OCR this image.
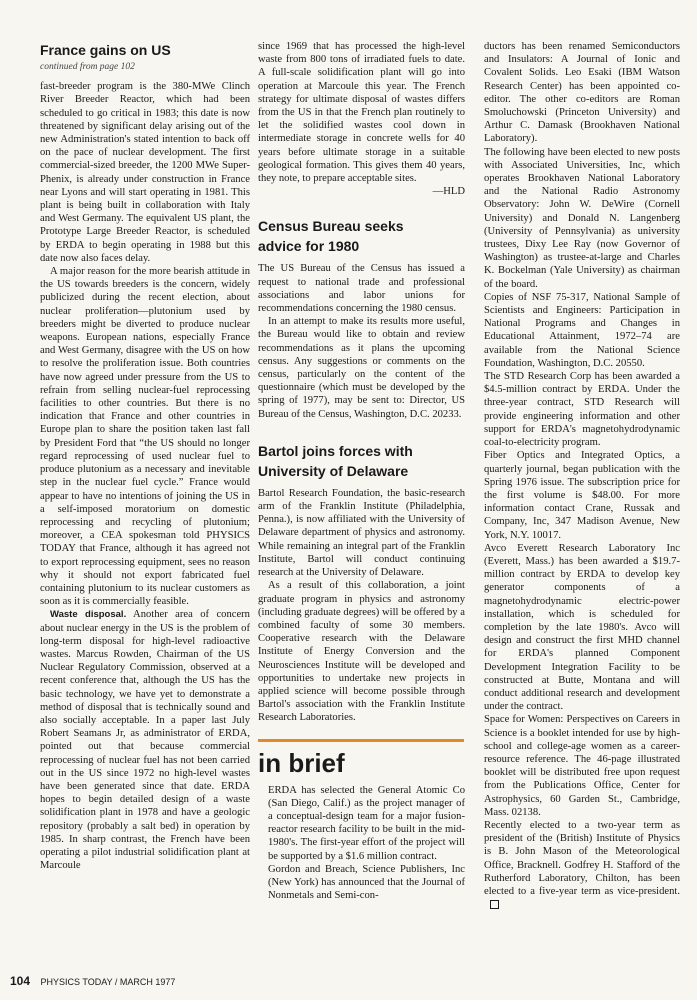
France gains on US
continued from page 102

fast-breeder program is the 380-MWe Clinch River Breeder Reactor, which had been scheduled to go critical in 1983; this date is now threatened by significant delay arising out of the new Administration's stated intention to back off on the pace of nuclear development. The first commercial-sized breeder, the 1200 MWe Super-Phenix, is already under construction in France near Lyons and will start operating in 1981. This plant is being built in collaboration with Italy and West Germany. The equivalent US plant, the Prototype Large Breeder Reactor, is scheduled by ERDA to begin operating in 1988 but this date now also faces delay.

A major reason for the more bearish attitude in the US towards breeders is the concern, widely publicized during the recent election, about nuclear proliferation—plutonium used by breeders might be diverted to produce nuclear weapons. European nations, especially France and West Germany, disagree with the US on how to resolve the proliferation issue. Both countries have now agreed under pressure from the US to refrain from selling nuclear-fuel reprocessing facilities to other countries. But there is no indication that France and other countries in Europe plan to share the position taken last fall by President Ford that “the US should no longer regard reprocessing of used nuclear fuel to produce plutonium as a necessary and inevitable step in the nuclear fuel cycle.” France would appear to have no intentions of joining the US in a self-imposed moratorium on domestic reprocessing and recycling of plutonium; moreover, a CEA spokesman told PHYSICS TODAY that France, although it has agreed not to export reprocessing equipment, sees no reason why it should not export fabricated fuel containing plutonium to its nuclear customers as soon as it is commercially feasible.

Waste disposal. Another area of concern about nuclear energy in the US is the problem of long-term disposal for high-level radioactive wastes. Marcus Rowden, Chairman of the US Nuclear Regulatory Commission, observed at a recent conference that, although the US has the basic technology, we have yet to demonstrate a method of disposal that is technically sound and also socially acceptable. In a paper last July Robert Seamans Jr, as administrator of ERDA, pointed out that because commercial reprocessing of nuclear fuel has not been carried out in the US since 1972 no high-level wastes have been generated since that date. ERDA hopes to begin detailed design of a waste solidification plant in 1978 and have a geologic repository (probably a salt bed) in operation by 1985. In sharp contrast, the French have been operating a pilot industrial solidification plant at Marcoule

since 1969 that has processed the high-level waste from 800 tons of irradiated fuels to date. A full-scale solidification plant will go into operation at Marcoule this year. The French strategy for ultimate disposal of wastes differs from the US in that the French plan routinely to let the solidified wastes cool down in intermediate storage in concrete wells for 40 years before ultimate storage in a suitable geological formation. This gives them 40 years, they note, to prepare acceptable sites.

—HLD
Census Bureau seeks
advice for 1980

The US Bureau of the Census has issued a request to national trade and professional associations and labor unions for recommendations concerning the 1980 census.

In an attempt to make its results more useful, the Bureau would like to obtain and review recommendations as it plans the upcoming census. Any suggestions or comments on the census, particularly on the content of the questionnaire (which must be developed by the spring of 1977), may be sent to: Director, US Bureau of the Census, Washington, D.C. 20233.

Bartol joins forces with
University of Delaware

Bartol Research Foundation, the basic-research arm of the Franklin Institute (Philadelphia, Penna.), is now affiliated with the University of Delaware department of physics and astronomy. While remaining an integral part of the Franklin Institute, Bartol will conduct continuing research at the University of Delaware.

As a result of this collaboration, a joint graduate program in physics and astronomy (including graduate degrees) will be offered by a combined faculty of some 30 members. Cooperative research with the Delaware Institute of Energy Conversion and the Neurosciences Institute will be developed and opportunities to undertake new projects in applied science will become possible through Bartol's association with the Franklin Institute Research Laboratories.

in brief

ERDA has selected the General Atomic Co (San Diego, Calif.) as the project manager of a conceptual-design team for a major fusion-reactor research facility to be built in the mid-1980's. The first-year effort of the project will be supported by a $1.6 million contract.

Gordon and Breach, Science Publishers, Inc (New York) has announced that the Journal of Nonmetals and Semi-con-

ductors has been renamed Semiconductors and Insulators: A Journal of Ionic and Covalent Solids. Leo Esaki (IBM Watson Research Center) has been appointed co-editor. The other co-editors are Roman Smoluchowski (Princeton University) and Arthur C. Damask (Brookhaven National Laboratory).

The following have been elected to new posts with Associated Universities, Inc, which operates Brookhaven National Laboratory and the National Radio Astronomy Observatory: John W. DeWire (Cornell University) and Donald N. Langenberg (University of Pennsylvania) as university trustees, Dixy Lee Ray (now Governor of Washington) as trustee-at-large and Charles K. Bockelman (Yale University) as chairman of the board.

Copies of NSF 75-317, National Sample of Scientists and Engineers: Participation in National Programs and Changes in Educational Attainment, 1972–74 are available from the National Science Foundation, Washington, D.C. 20550.

The STD Research Corp has been awarded a $4.5-million contract by ERDA. Under the three-year contract, STD Research will provide engineering information and other support for ERDA's magnetohydrodynamic coal-to-electricity program.

Fiber Optics and Integrated Optics, a quarterly journal, began publication with the Spring 1976 issue. The subscription price for the first volume is $48.00. For more information contact Crane, Russak and Company, Inc, 347 Madison Avenue, New York, N.Y. 10017.

Avco Everett Research Laboratory Inc (Everett, Mass.) has been awarded a $19.7-million contract by ERDA to develop key generator components of a magnetohydrodynamic electric-power installation, which is scheduled for completion by the late 1980's. Avco will design and construct the first MHD channel for ERDA's planned Component Development Integration Facility to be constructed at Butte, Montana and will conduct additional research and development under the contract.

Space for Women: Perspectives on Careers in Science is a booklet intended for use by high-school and college-age women as a career-resource reference. The 46-page illustrated booklet will be distributed free upon request from the Publications Office, Center for Astrophysics, 60 Garden St., Cambridge, Mass. 02138.

Recently elected to a two-year term as president of the (British) Institute of Physics is B. John Mason of the Meteorological Office, Bracknell. Godfrey H. Stafford of the Rutherford Laboratory, Chilton, has been elected to a five-year term as vice-president.

104 PHYSICS TODAY / MARCH 1977
